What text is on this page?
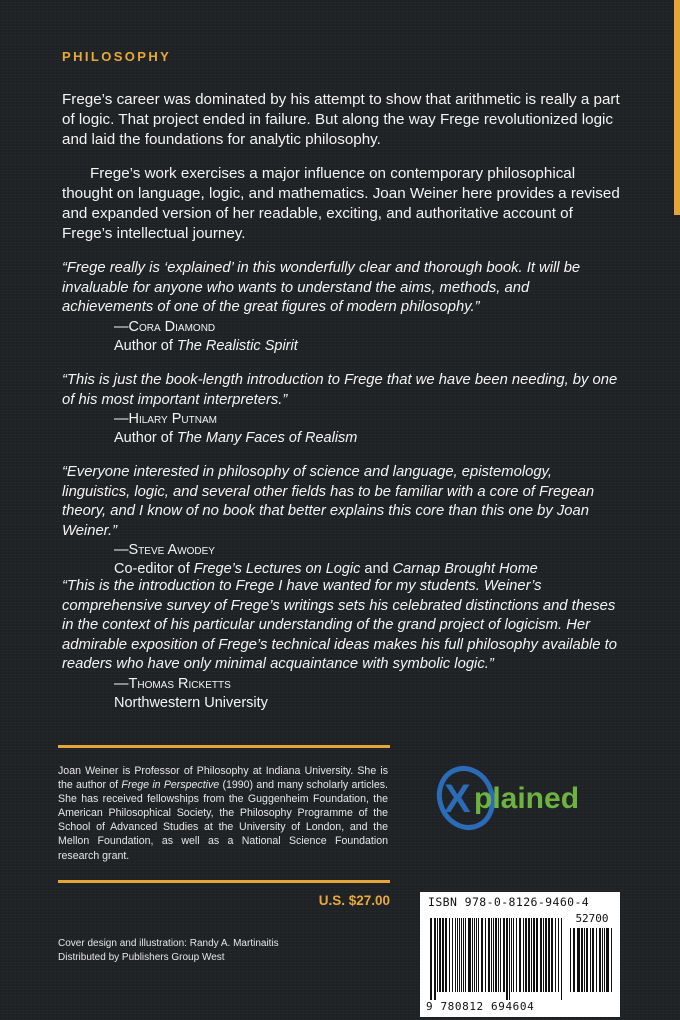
PHILOSOPHY

Frege’s career was dominated by his attempt to show that arithmetic is really a part of logic. That project ended in failure. But along the way Frege revolutionized logic and laid the foundations for analytic philosophy.

Frege’s work exercises a major influence on contemporary philosophical thought on language, logic, and mathematics. Joan Weiner here provides a revised and expanded version of her readable, exciting, and authoritative account of Frege’s intellectual journey.

“Frege really is ‘explained’ in this wonderfully clear and thorough book. It will be invaluable for anyone who wants to understand the aims, methods, and achievements of one of the great figures of modern philosophy.”

—Cora Diamond

Author of The Realistic Spirit

“This is just the book-length introduction to Frege that we have been needing, by one of his most important interpreters.”

—Hilary Putnam

Author of The Many Faces of Realism

“Everyone interested in philosophy of science and language, epistemology, linguistics, logic, and several other fields has to be familiar with a core of Fregean theory, and I know of no book that better explains this core than this one by Joan Weiner.”

—Steve Awodey

Co-editor of Frege’s Lectures on Logic and Carnap Brought Home

“This is the introduction to Frege I have wanted for my students. Weiner’s comprehensive survey of Frege’s writings sets his celebrated distinctions and theses in the context of his particular understanding of the grand project of logicism. Her admirable exposition of Frege’s technical ideas makes his full philosophy available to readers who have only minimal acquaintance with symbolic logic.”

—Thomas Ricketts

Northwestern University

Joan Weiner is Professor of Philosophy at Indiana University. She is the author of Frege in Perspective (1990) and many scholarly articles. She has received fellowships from the Guggenheim Foundation, the American Philosophical Society, the Philosophy Programme of the School of Advanced Studies at the University of London, and the Mellon Foundation, as well as a National Science Foundation research grant.

U.S. $27.00

Cover design and illustration: Randy A. Martinaitis

Distributed by Publishers Group West

X plained
ISBN 978-0-8126-9460-4
52700
9 780812 694604
